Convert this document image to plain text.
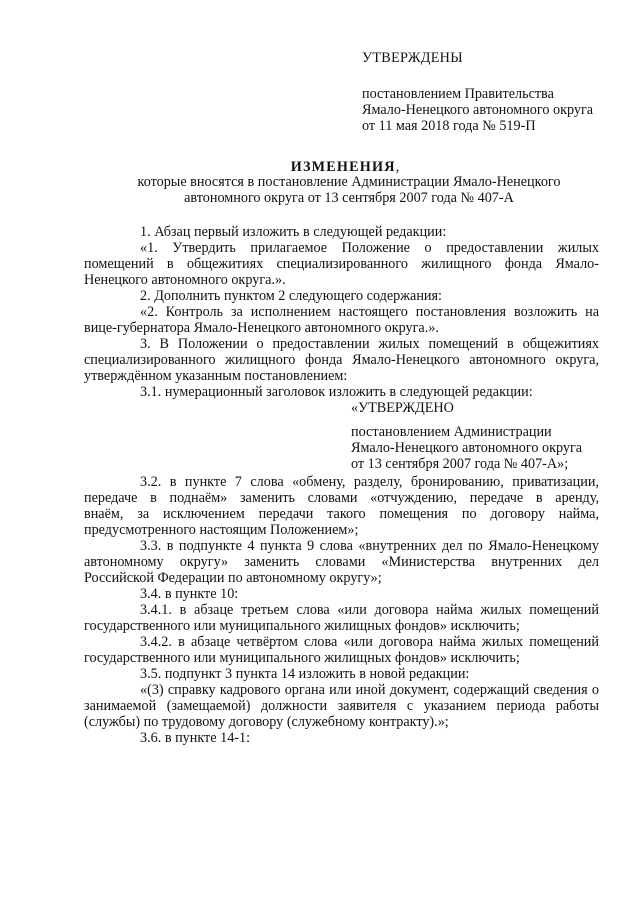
УТВЕРЖДЕНЫ
постановлением Правительства
Ямало-Ненецкого автономного округа
от 11 мая 2018 года № 519-П
ИЗМЕНЕНИЯ,
которые вносятся в постановление Администрации Ямало-Ненецкого
автономного округа от 13 сентября 2007 года № 407-А
1. Абзац первый изложить в следующей редакции:
«1. Утвердить прилагаемое Положение о предоставлении жилых
помещений в общежитиях специализированного жилищного фонда Ямало-
Ненецкого автономного округа.».
2. Дополнить пунктом 2 следующего содержания:
«2. Контроль за исполнением настоящего постановления возложить на
вице-губернатора Ямало-Ненецкого автономного округа.».
3. В Положении о предоставлении жилых помещений в общежитиях
специализированного жилищного фонда Ямало-Ненецкого автономного округа,
утверждённом указанным постановлением:
3.1. нумерационный заголовок изложить в следующей редакции:
«УТВЕРЖДЕНО
постановлением Администрации
Ямало-Ненецкого автономного округа
от 13 сентября 2007 года № 407-А»;
3.2. в пункте 7 слова «обмену, разделу, бронированию, приватизации,
передаче в поднаём» заменить словами «отчуждению, передаче в аренду,
внаём, за исключением передачи такого помещения по договору найма,
предусмотренного настоящим Положением»;
3.3. в подпункте 4 пункта 9 слова «внутренних дел по Ямало-Ненецкому
автономному округу» заменить словами «Министерства внутренних дел
Российской Федерации по автономному округу»;
3.4. в пункте 10:
3.4.1. в абзаце третьем слова «или договора найма жилых помещений
государственного или муниципального жилищных фондов» исключить;
3.4.2. в абзаце четвёртом слова «или договора найма жилых помещений
государственного или муниципального жилищных фондов» исключить;
3.5. подпункт 3 пункта 14 изложить в новой редакции:
«(3) справку кадрового органа или иной документ, содержащий сведения о
занимаемой (замещаемой) должности заявителя с указанием периода работы
(службы) по трудовому договору (служебному контракту).»;
3.6. в пункте 14-1:
